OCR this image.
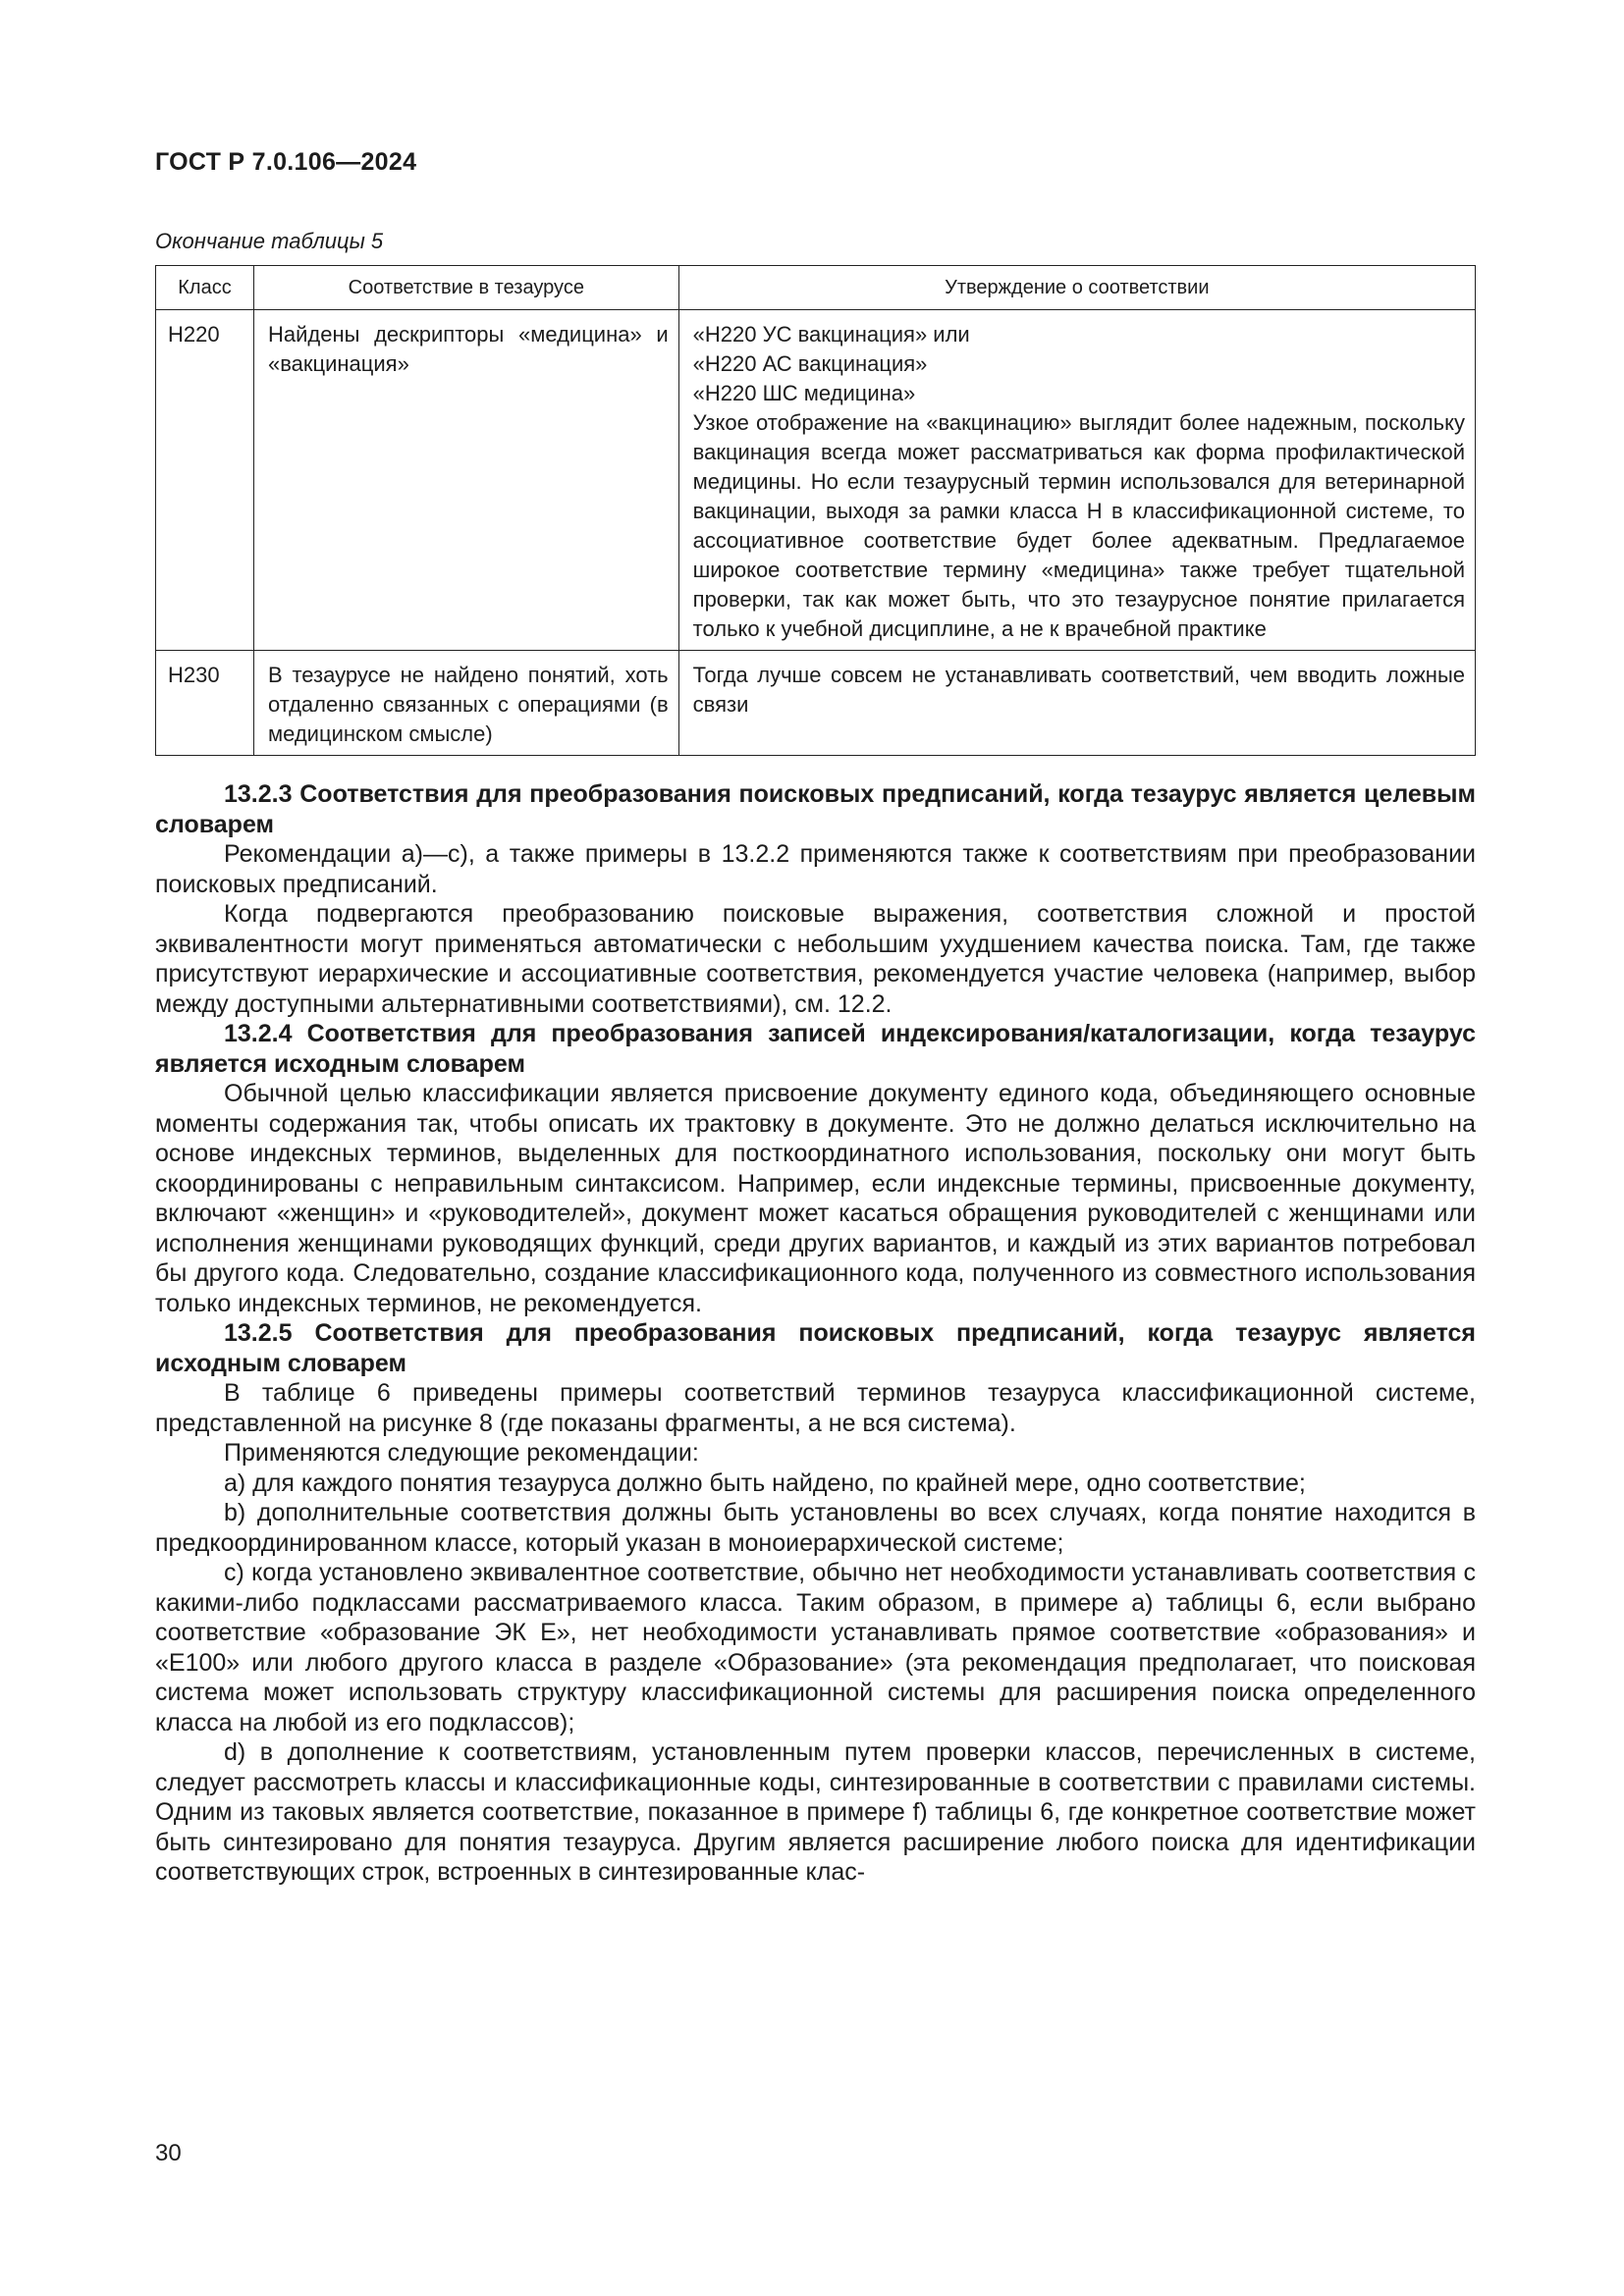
ГОСТ Р 7.0.106—2024
Окончание таблицы 5
Класс	Соответствие в тезаурусе	Утверждение о соответствии
H220	Найдены дескрипторы «медицина» и «вакцинация»	«H220 УС вакцинация» или
«H220 АС вакцинация»
«H220 ШС медицина»
Узкое отображение на «вакцинацию» выглядит более надежным, поскольку вакцинация всегда может рассматриваться как форма профилактической медицины. Но если тезаурусный термин использовался для ветеринарной вакцинации, выходя за рамки класса H в классификационной системе, то ассоциативное соответствие будет более адекватным. Предлагаемое широкое соответствие термину «медицина» также требует тщательной проверки, так как может быть, что это тезаурусное понятие прилагается только к учебной дисциплине, а не к врачебной практике

H230	В тезаурусе не найдено понятий, хоть отдаленно связанных с операциями (в медицинском смысле)	Тогда лучше совсем не устанавливать соответствий, чем вводить ложные связи

13.2.3 Соответствия для преобразования поисковых предписаний, когда тезаурус является целевым словарем

Рекомендации а)—с), а также примеры в 13.2.2 применяются также к соответствиям при преобразовании поисковых предписаний.

Когда подвергаются преобразованию поисковые выражения, соответствия сложной и простой эквивалентности могут применяться автоматически с небольшим ухудшением качества поиска. Там, где также присутствуют иерархические и ассоциативные соответствия, рекомендуется участие человека (например, выбор между доступными альтернативными соответствиями), см. 12.2.

13.2.4 Соответствия для преобразования записей индексирования/каталогизации, когда тезаурус является исходным словарем

Обычной целью классификации является присвоение документу единого кода, объединяющего основные моменты содержания так, чтобы описать их трактовку в документе. Это не должно делаться исключительно на основе индексных терминов, выделенных для посткоординатного использования, поскольку они могут быть скоординированы с неправильным синтаксисом. Например, если индексные термины, присвоенные документу, включают «женщин» и «руководителей», документ может касаться обращения руководителей с женщинами или исполнения женщинами руководящих функций, среди других вариантов, и каждый из этих вариантов потребовал бы другого кода. Следовательно, создание классификационного кода, полученного из совместного использования только индексных терминов, не рекомендуется.

13.2.5 Соответствия для преобразования поисковых предписаний, когда тезаурус является исходным словарем

В таблице 6 приведены примеры соответствий терминов тезауруса классификационной системе, представленной на рисунке 8 (где показаны фрагменты, а не вся система).

Применяются следующие рекомендации:

а) для каждого понятия тезауруса должно быть найдено, по крайней мере, одно соответствие;

b) дополнительные соответствия должны быть установлены во всех случаях, когда понятие находится в предкоординированном классе, который указан в моноиерархической системе;

с) когда установлено эквивалентное соответствие, обычно нет необходимости устанавливать соответствия с какими-либо подклассами рассматриваемого класса. Таким образом, в примере а) таблицы 6, если выбрано соответствие «образование ЭК E», нет необходимости устанавливать прямое соответствие «образования» и «E100» или любого другого класса в разделе «Образование» (эта рекомендация предполагает, что поисковая система может использовать структуру классификационной системы для расширения поиска определенного класса на любой из его подклассов);

d) в дополнение к соответствиям, установленным путем проверки классов, перечисленных в системе, следует рассмотреть классы и классификационные коды, синтезированные в соответствии с правилами системы. Одним из таковых является соответствие, показанное в примере f) таблицы 6, где конкретное соответствие может быть синтезировано для понятия тезауруса. Другим является расширение любого поиска для идентификации соответствующих строк, встроенных в синтезированные клас-

30
